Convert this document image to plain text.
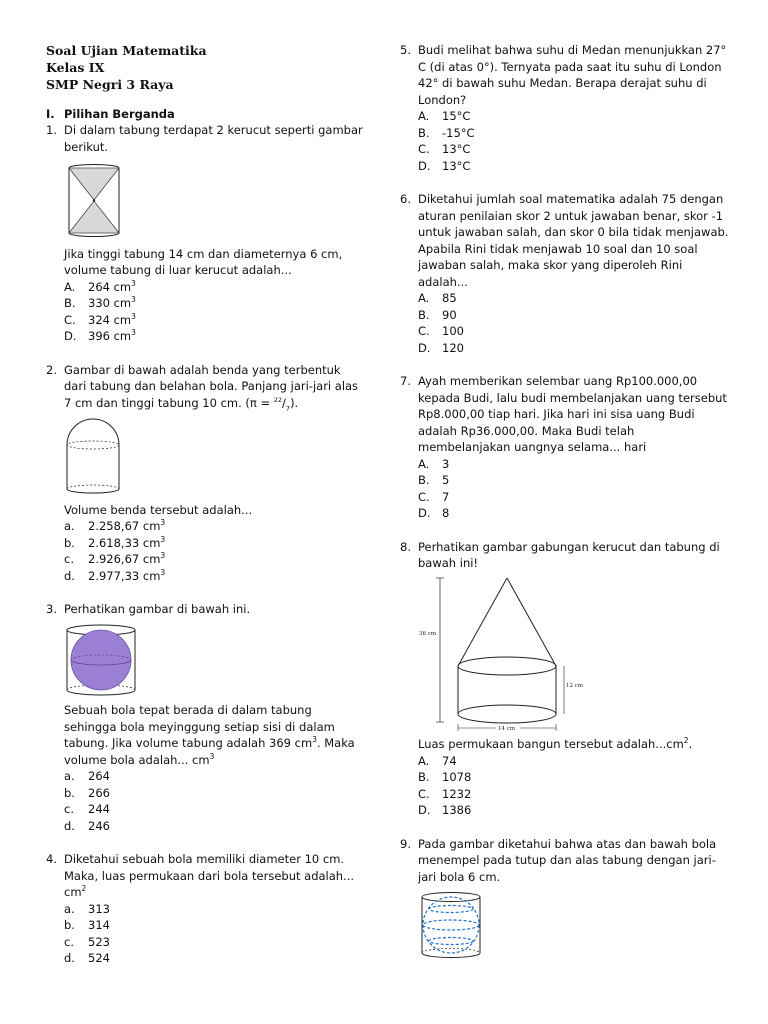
Soal Ujian Matematika
Kelas IX
SMP Negri 3 Raya
I. Pilihan Berganda
1. Di dalam tabung terdapat 2 kerucut seperti gambar berikut.
Jika tinggi tabung 14 cm dan diameternya 6 cm, volume tabung di luar kerucut adalah...
A. 264 $cm^3$
B. 330 $cm^3$
C. 324 $cm^3$
D. 396 $cm^3$
2. Gambar di bawah adalah benda yang terbentuk dari tabung dan belahan bola. Panjang jari-jari alas 7 cm dan tinggi tabung 10 cm. $(\pi = ^{22}/_7)$.
Volume benda tersebut adalah...
a. 2.258,67 $cm^3$
b. 2.618,33 $cm^3$
c. 2.926,67 $cm^3$
d. 2.977,33 $cm^3$
3. Perhatikan gambar di bawah ini.
Sebuah bola tepat berada di dalam tabung sehingga bola meyinggung setiap sisi di dalam tabung. Jika volume tabung adalah 369 $cm^3$. Maka volume bola adalah... $cm^3$
a. 264
b. 266
c. 244
d. 246
4. Diketahui sebuah bola memiliki diameter 10 cm. Maka, luas permukaan dari bola tersebut adalah... $cm^2$
a. 313
b. 314
c. 523
d. 524
5. Budi melihat bahwa suhu di Medan menunjukkan 27° C (di atas 0°). Ternyata pada saat itu suhu di London 42° di bawah suhu Medan. Berapa derajat suhu di London?
A. 15°C
B. -15°C
C. 13°C
D. 13°C
6. Diketahui jumlah soal matematika adalah 75 dengan aturan penilaian skor 2 untuk jawaban benar, skor -1 untuk jawaban salah, dan skor 0 bila tidak menjawab. Apabila Rini tidak menjawab 10 soal dan 10 soal jawaban salah, maka skor yang diperoleh Rini adalah...
A. 85
B. 90
C. 100
D. 120
7. Ayah memberikan selembar uang Rp100.000,00 kepada Budi, lalu budi membelanjakan uang tersebut Rp8.000,00 tiap hari. Jika hari ini sisa uang Budi adalah Rp36.000,00. Maka Budi telah membelanjakan uangnya selama... hari
A. 3
B. 5
C. 7
D. 8
8. Perhatikan gambar gabungan kerucut dan tabung di bawah ini!
36 cm
12 cm
14 cm
Luas permukaan bangun tersebut $adalah...cm^2$.
A. 74
B. 1078
C. 1232
D. 1386
9. Pada gambar diketahui bahwa atas dan bawah bola menempel pada tutup dan alas tabung dengan jari-jari bola 6 cm.
